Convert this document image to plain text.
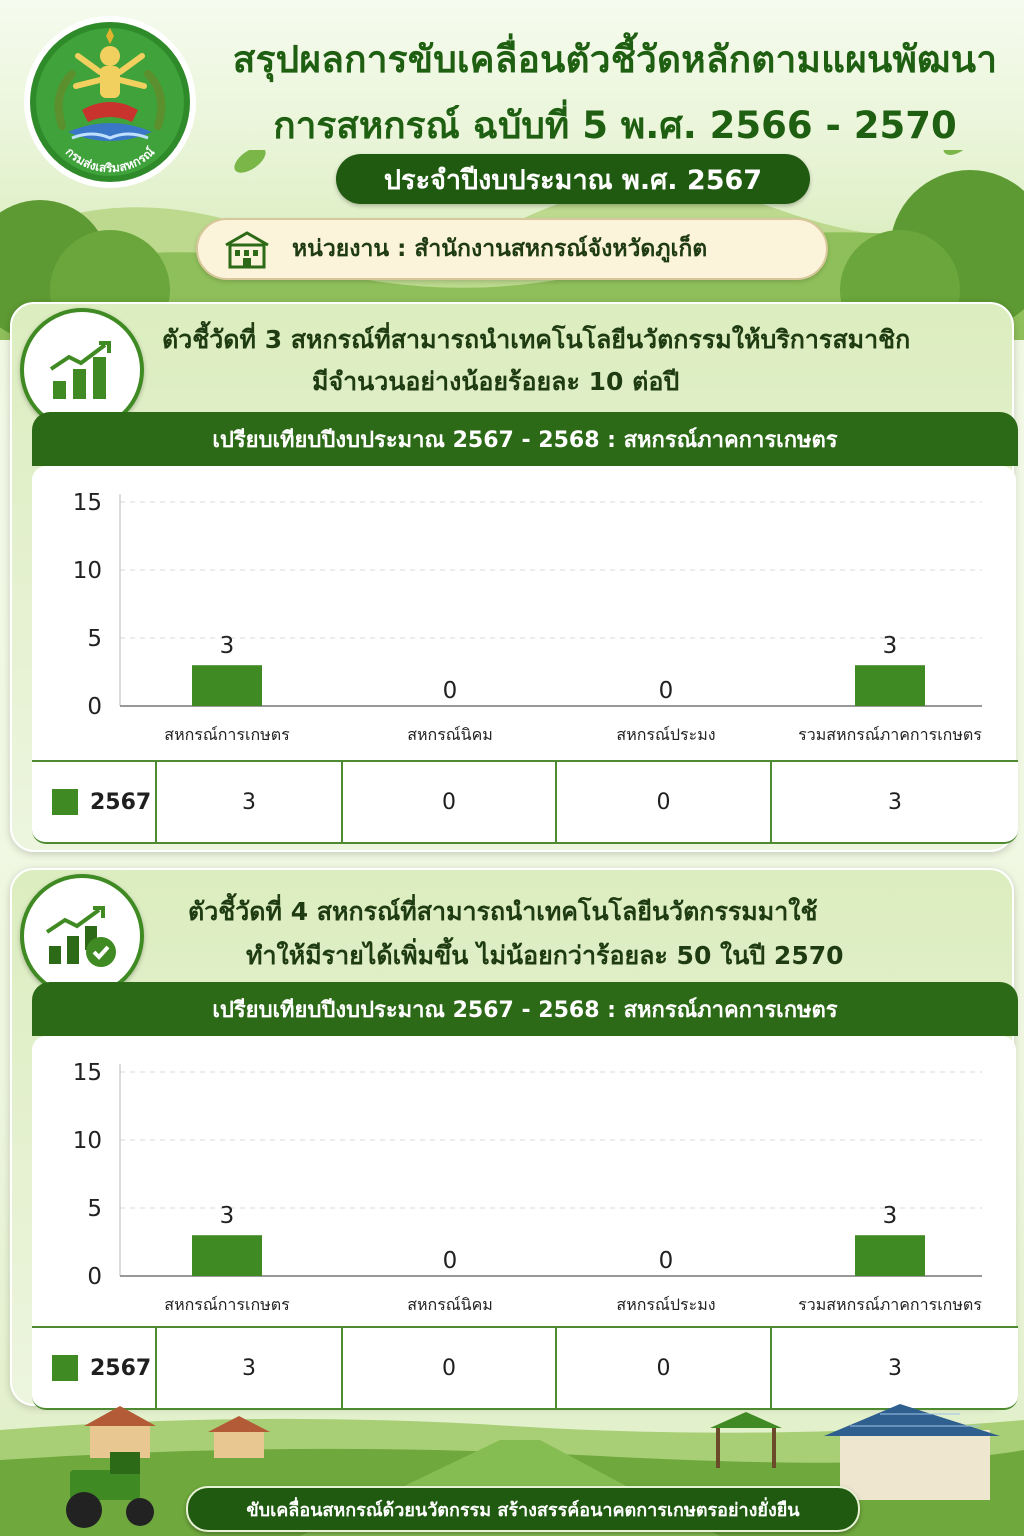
กรมส่งเสริมสหกรณ์
สรุปผลการขับเคลื่อนตัวชี้วัดหลักตามแผนพัฒนา
การสหกรณ์ ฉบับที่ 5 พ.ศ. 2566 - 2570
ประจำปีงบประมาณ พ.ศ. 2567
หน่วยงาน : สำนักงานสหกรณ์จังหวัดภูเก็ต
ตัวชี้วัดที่ 3 สหกรณ์ที่สามารถนำเทคโนโลยีนวัตกรรมให้บริการสมาชิก
มีจำนวนอย่างน้อยร้อยละ 10 ต่อปี
เปรียบเทียบปีงบประมาณ 2567 - 2568 : สหกรณ์ภาคการเกษตร
0
5
10
15
3
สหกรณ์การเกษตร
0
สหกรณ์นิคม
0
สหกรณ์ประมง
3
รวมสหกรณ์ภาคการเกษตร
2567	3	0	0	3
ตัวชี้วัดที่ 4 สหกรณ์ที่สามารถนำเทคโนโลยีนวัตกรรมมาใช้
ทำให้มีรายได้เพิ่มขึ้น ไม่น้อยกว่าร้อยละ 50 ในปี 2570
เปรียบเทียบปีงบประมาณ 2567 - 2568 : สหกรณ์ภาคการเกษตร
0
5
10
15
3
สหกรณ์การเกษตร
0
สหกรณ์นิคม
0
สหกรณ์ประมง
3
รวมสหกรณ์ภาคการเกษตร
2567	3	0	0	3
ขับเคลื่อนสหกรณ์ด้วยนวัตกรรม สร้างสรรค์อนาคตการเกษตรอย่างยั่งยืน
